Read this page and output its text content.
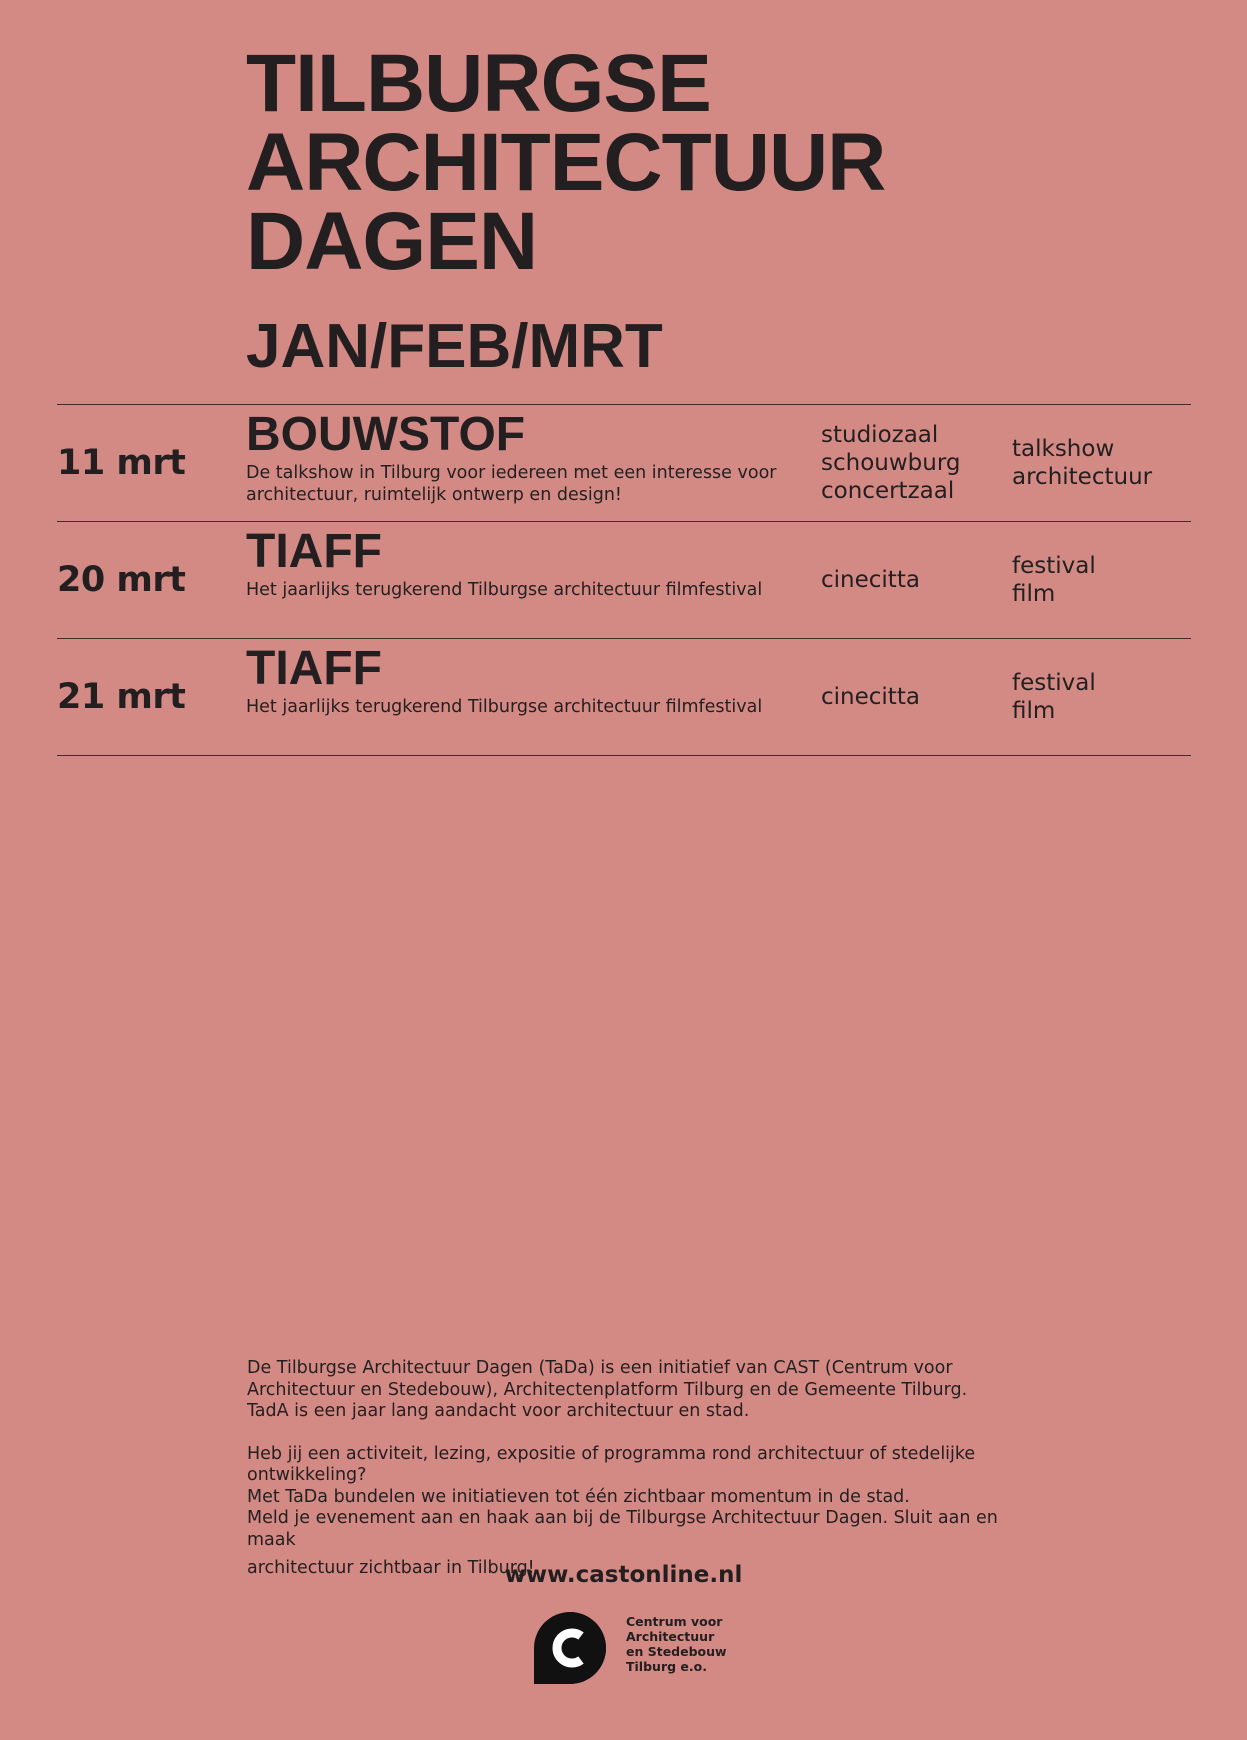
TILBURGSE
ARCHITECTUUR
DAGEN
JAN/FEB/MRT
11 mrt
BOUWSTOF
De talkshow in Tilburg voor iedereen met een interesse voor architectuur, ruimtelijk ontwerp en design!
studiozaal
schouwburg
concertzaal
talkshow
architectuur
20 mrt
TIAFF
Het jaarlijks terugkerend Tilburgse architectuur filmfestival	cinecitta
festival
film
21 mrt
TIAFF
Het jaarlijks terugkerend Tilburgse architectuur filmfestival	cinecitta
festival
film

De Tilburgse Architectuur Dagen (TaDa) is een initiatief van CAST (Centrum voor Architectuur en Stedebouw), Architectenplatform Tilburg en de Gemeente Tilburg. TadA is een jaar lang aandacht voor architectuur en stad.

Heb jij een activiteit, lezing, expositie of programma rond architectuur of stedelijke ontwikkeling?
Met TaDa bundelen we initiatieven tot één zichtbaar momentum in de stad.
Meld je evenement aan en haak aan bij de Tilburgse Architectuur Dagen. Sluit aan en maak
architectuur zichtbaar in Tilburg!

www.castonline.nl
Centrum voor
Architectuur
en Stedebouw
Tilburg e.o.
